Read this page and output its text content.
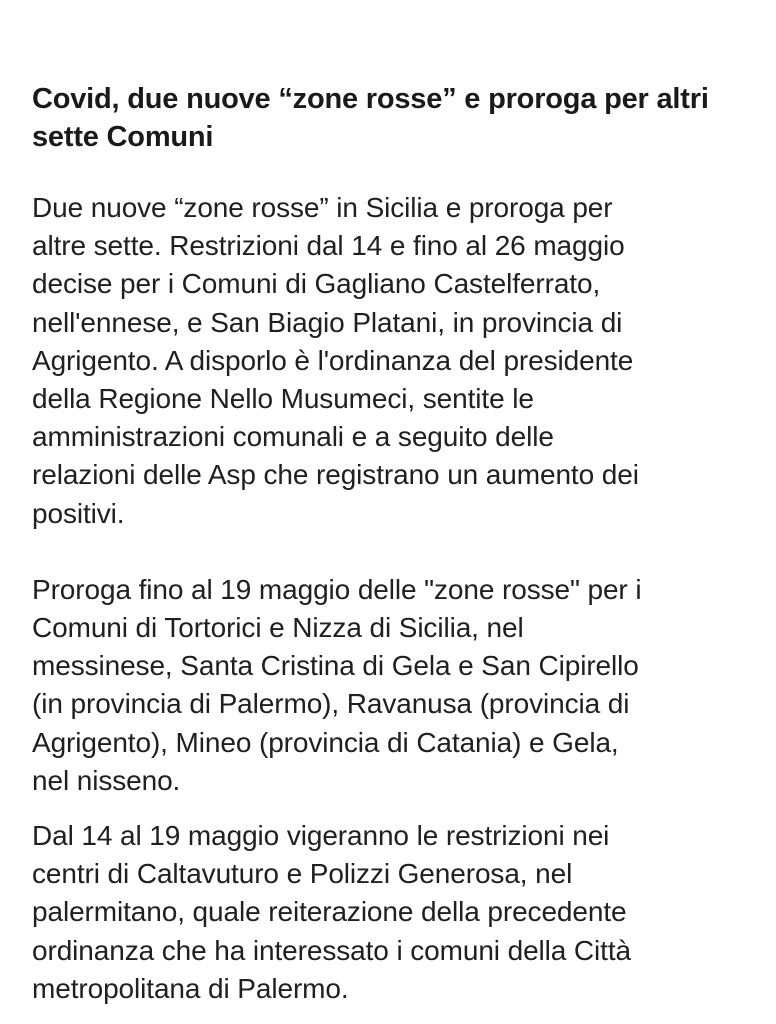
Covid, due nuove “zone rosse” e proroga per altri
sette Comuni

Due nuove “zone rosse” in Sicilia e proroga per
altre sette. Restrizioni dal 14 e fino al 26 maggio
decise per i Comuni di Gagliano Castelferrato,
nell'ennese, e San Biagio Platani, in provincia di
Agrigento. A disporlo è l'ordinanza del presidente
della Regione Nello Musumeci, sentite le
amministrazioni comunali e a seguito delle
relazioni delle Asp che registrano un aumento dei
positivi.

Proroga fino al 19 maggio delle "zone rosse" per i
Comuni di Tortorici e Nizza di Sicilia, nel
messinese, Santa Cristina di Gela e San Cipirello
(in provincia di Palermo), Ravanusa (provincia di
Agrigento), Mineo (provincia di Catania) e Gela,
nel nisseno.

Dal 14 al 19 maggio vigeranno le restrizioni nei
centri di Caltavuturo e Polizzi Generosa, nel
palermitano, quale reiterazione della precedente
ordinanza che ha interessato i comuni della Città
metropolitana di Palermo.
